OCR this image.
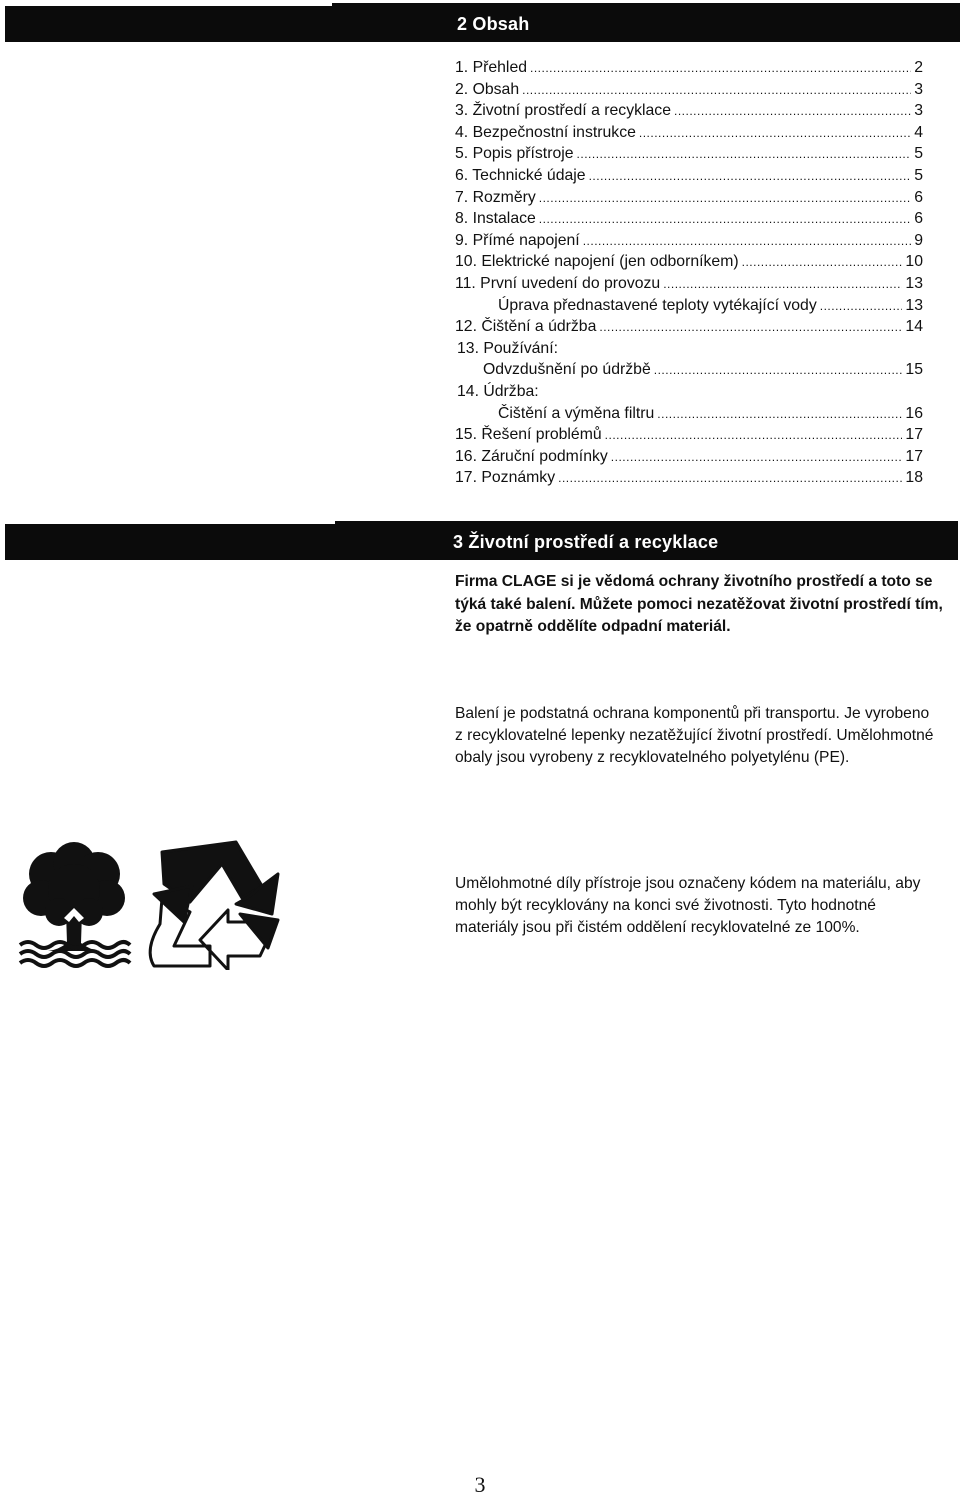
2 Obsah
1. Přehled .....	2
2. Obsah .....	3
3. Životní prostředí a recyklace .....	3
4. Bezpečnostní instrukce .....	4
5. Popis přístroje .....	5
6. Technické údaje .....	5
7. Rozměry .....	6
8. Instalace .....	6
9. Přímé napojení .....	9
10. Elektrické napojení (jen odborníkem) .....	10
11. První uvedení do provozu .....	13
Úprava přednastavené teploty vytékající vody .....	13
12. Čištění a údržba .....	14
13. Používání:
Odvzdušnění po údržbě .....	15
14. Údržba:
Čištění a výměna filtru .....	16
15. Řešení problémů .....	17
16. Záruční podmínky .....	17
17. Poznámky .....	18
3 Životní prostředí a recyklace
Firma CLAGE si je vědomá ochrany životního prostředí a toto se týká také balení. Můžete pomoci nezatěžovat životní prostředí tím, že opatrně oddělíte odpadní materiál.
Balení je podstatná ochrana komponentů při transportu. Je vyrobeno z recyklovatelné lepenky nezatěžující životní prostředí. Umělohmotné obaly jsou vyrobeny z recyklovatelného polyetylénu (PE).
Umělohmotné díly přístroje jsou označeny kódem na materiálu, aby mohly být recyklovány na konci své životnosti. Tyto hodnotné materiály jsou při čistém oddělení recyklovatelné ze 100%.
3
